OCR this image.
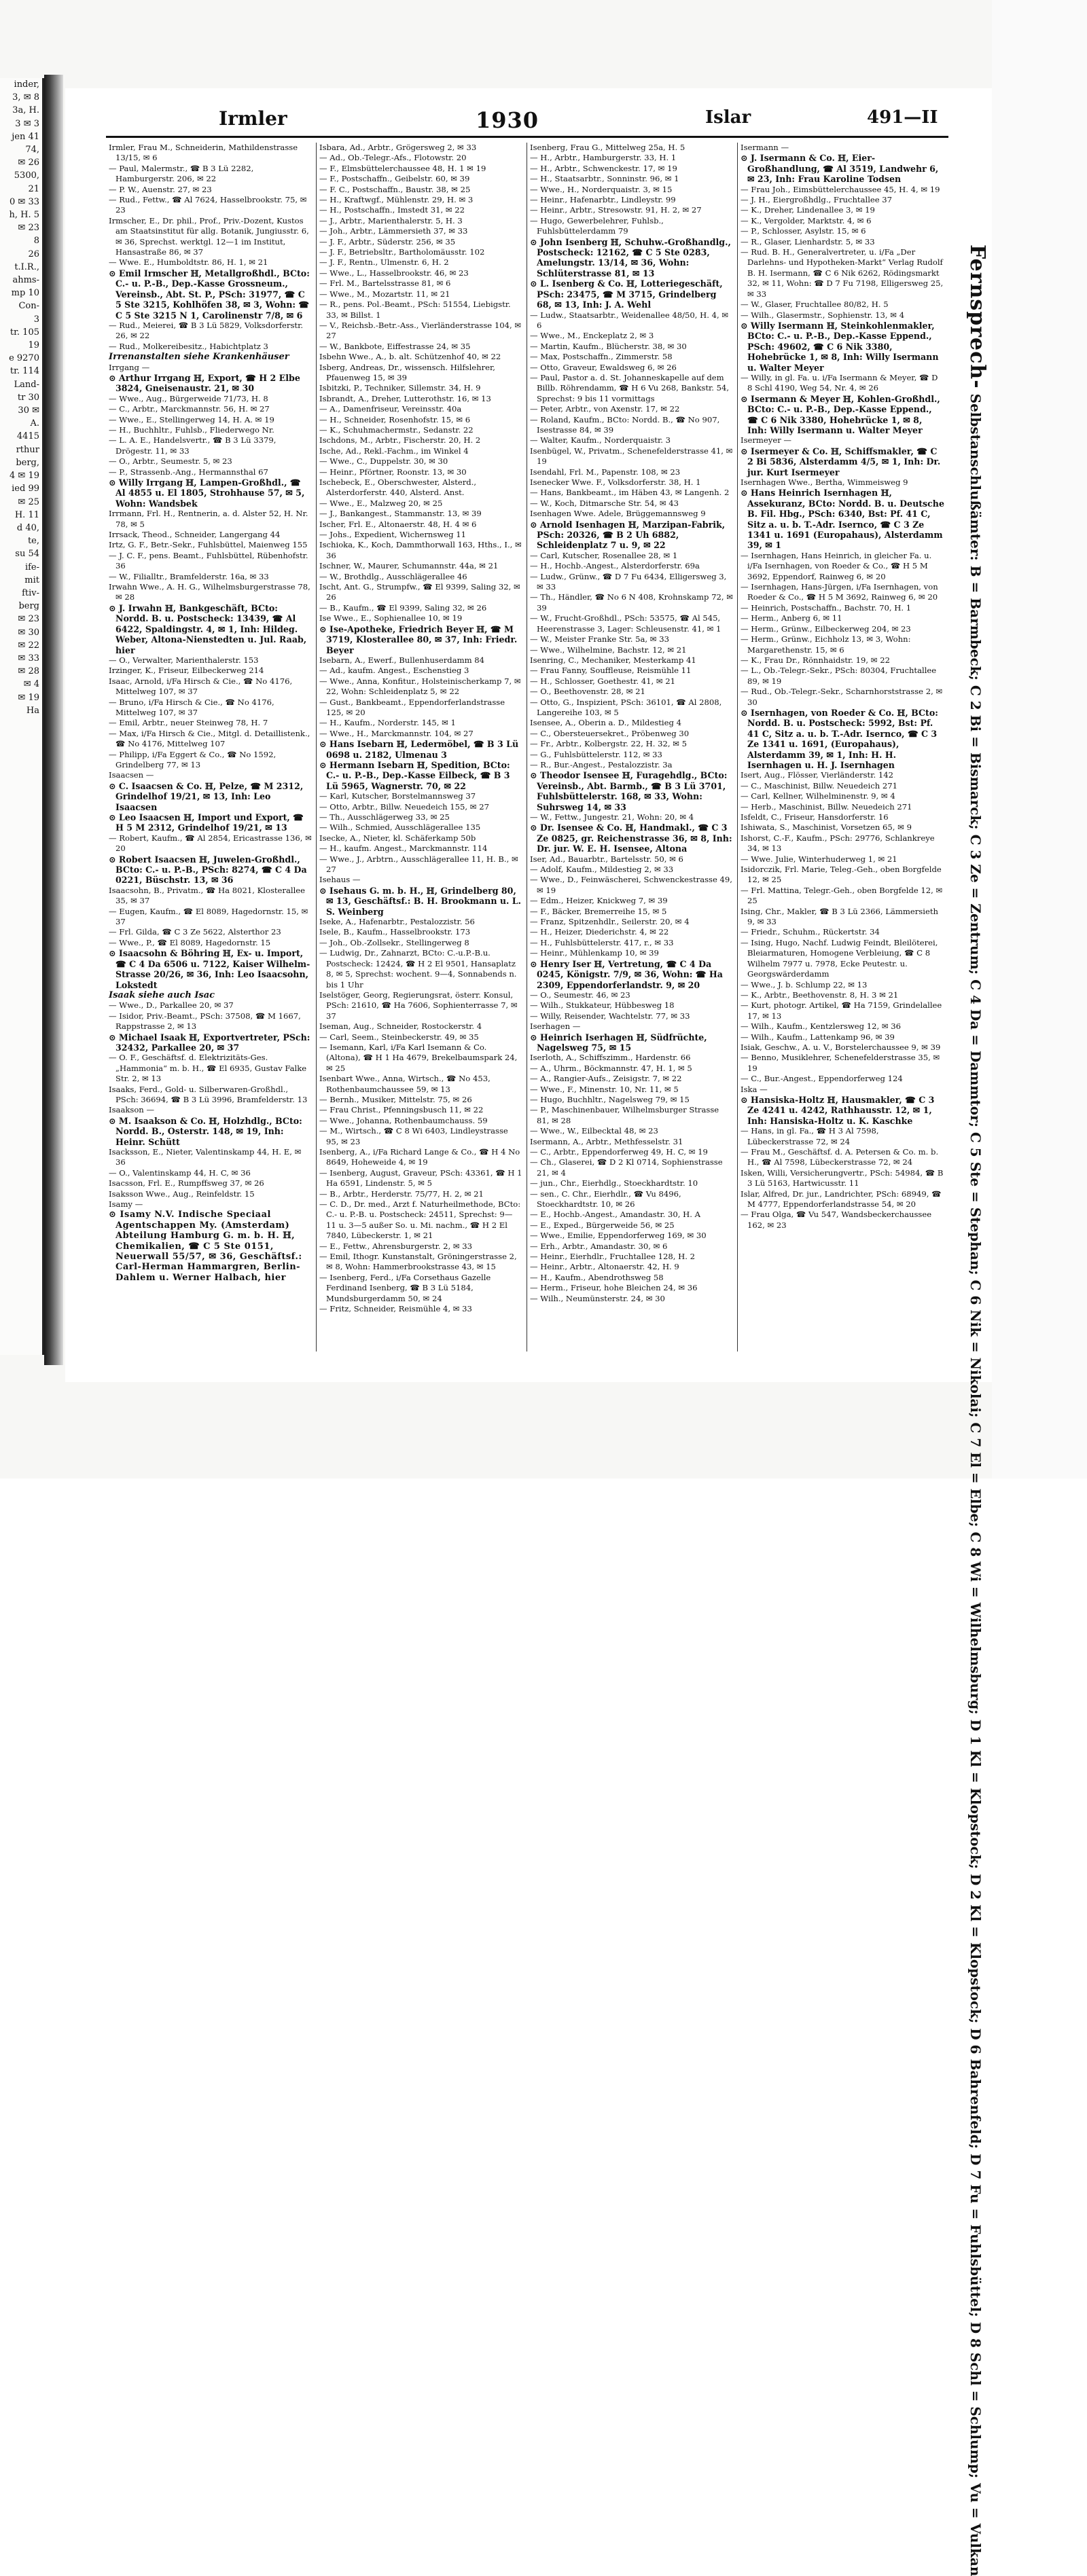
inder,
3, ✉ 8
3a, H.
3 ✉ 3
jen 41
74,
✉ 26
5300,
21
0 ✉ 33
h, H. 5
✉ 23
8
26
t.I.R.,
ahms-
mp 10
Con-
3
tr. 105
19
e 9270
tr. 114
Land-
tr 30
30 ✉
A.
4415
rthur
berg,
4 ✉ 19
ied 99
✉ 25
H. 11
d 40,
te,
su 54
ife-
mit
ftiv-
berg
✉ 23
✉ 30
✉ 22
✉ 33
✉ 28
✉ 4
✉ 19
Ha
Irmler	1930	Islar	491—II

Irmler, Frau M., Schneiderin, Mathildenstrasse 13/15, ✉ 6

— Paul, Malermstr., ☎ B 3 Lü 2282, Hamburgerstr. 206, ✉ 22

— P. W., Auenstr. 27, ✉ 23

— Rud., Fettw., ☎ Al 7624, Hasselbrookstr. 75, ✉ 23

Irmscher, E., Dr. phil., Prof., Priv.-Dozent, Kustos am Staatsinstitut für allg. Botanik, Jungiusstr. 6, ✉ 36, Sprechst. werktgl. 12—1 im Institut, Hansastraße 86, ✉ 37

— Wwe. E., Humboldtstr. 86, H. 1, ✉ 21

⊙ Emil Irmscher ℍ, Metallgroßhdl., BCto: C.- u. P.-B., Dep.-Kasse Grossneum., Vereinsb., Abt. St. P., PSch: 31977, ☎ C 5 Ste 3215, Kohlhöfen 38, ✉ 3, Wohn: ☎ C 5 Ste 3215 N 1, Carolinenstr 7/8, ✉ 6

— Rud., Meierei, ☎ B 3 Lü 5829, Volksdorferstr. 26, ✉ 22

— Rud., Molkereibesitz., Habichtplatz 3

Irrenanstalten siehe Krankenhäuser

Irrgang —

⊙ Arthur Irrgang ℍ, Export, ☎ H 2 Elbe 3824, Gneisenaustr. 21, ✉ 30

— Wwe., Aug., Bürgerweide 71/73, H. 8

— C., Arbtr., Marckmannstr. 56, H. ✉ 27

— Wwe., E., Stellingerweg 14, H. A. ✉ 19

— H., Buchhltr., Fuhlsb., Fliederwego Nr.

— L. A. E., Handelsvertr., ☎ B 3 Lü 3379, Drögestr. 11, ✉ 33

— O., Arbtr., Seumestr. 5, ✉ 23

— P., Strassenb.-Ang., Hermannsthal 67

⊙ Willy Irrgang ℍ, Lampen-Großhdl., ☎ Al 4855 u. El 1805, Strohhause 57, ✉ 5, Wohn: Wandsbek

Irrmann, Frl. H., Rentnerin, a. d. Alster 52, H. Nr. 78, ✉ 5

Irrsack, Theod., Schneider, Langergang 44

Irtz, G. F., Betr.-Sekr., Fuhlsbüttel, Maienweg 155

— J. C. F., pens. Beamt., Fuhlsbüttel, Rübenhofstr. 36

— W., Filialltr., Bramfelderstr. 16a, ✉ 33

Irwahn Wwe., A. H. G., Wilhelmsburgerstrasse 78, ✉ 28

⊙ J. Irwahn ℍ, Bankgeschäft, BCto: Nordd. B. u. Postscheck: 13439, ☎ Al 6422, Spaldingstr. 4, ✉ 1, Inh: Hildeg. Weber, Altona-Nienstedten u. Jul. Raab, hier

— O., Verwalter, Marienthalerstr. 153

Irzinger, K., Friseur, Eilbeckerweg 214

Isaac, Arnold, i/Fa Hirsch & Cie., ☎ No 4176, Mittelweg 107, ✉ 37

— Bruno, i/Fa Hirsch & Cie., ☎ No 4176, Mittelweg 107, ✉ 37

— Emil, Arbtr., neuer Steinweg 78, H. 7

— Max, i/Fa Hirsch & Cie., Mitgl. d. Detaillistenk., ☎ No 4176, Mittelweg 107

— Philipp, i/Fa Eggert & Co., ☎ No 1592, Grindelberg 77, ✉ 13

Isaacsen —

⊙ C. Isaacsen & Co. ℍ, Pelze, ☎ M 2312, Grindelhof 19/21, ✉ 13, Inh: Leo Isaacsen

⊙ Leo Isaacsen ℍ, Import und Export, ☎ H 5 M 2312, Grindelhof 19/21, ✉ 13

— Robert, Kaufm., ☎ Al 2854, Ericastrasse 136, ✉ 20

⊙ Robert Isaacsen ℍ, Juwelen-Großhdl., BCto: C.- u. P.-B., PSch: 8274, ☎ C 4 Da 0221, Büschstr. 13, ✉ 36

Isaacsohn, B., Privatm., ☎ Ha 8021, Klosterallee 35, ✉ 37

— Eugen, Kaufm., ☎ El 8089, Hagedornstr. 15, ✉ 37

— Frl. Gilda, ☎ C 3 Ze 5622, Alsterthor 23

— Wwe., P., ☎ El 8089, Hagedornstr. 15

⊙ Isaacsohn & Böhring ℍ, Ex- u. Import, ☎ C 4 Da 6506 u. 7122, Kaiser Wilhelm-Strasse 20/26, ✉ 36, Inh: Leo Isaacsohn, Lokstedt

Isaak siehe auch Isac

— Wwe., D., Parkallee 20, ✉ 37

— Isidor, Priv.-Beamt., PSch: 37508, ☎ M 1667, Rappstrasse 2, ✉ 13

⊙ Michael Isaak ℍ, Exportvertreter, PSch: 32432, Parkallee 20, ✉ 37

— O. F., Geschäftsf. d. Elektrizitäts-Ges. „Hammonia“ m. b. H., ☎ El 6935, Gustav Falke Str. 2, ✉ 13

Isaaks, Ferd., Gold- u. Silberwaren-Großhdl., PSch: 36694, ☎ B 3 Lü 3996, Bramfelderstr. 13

Isaakson —

⊙ M. Isaakson & Co. ℍ, Holzhdlg., BCto: Nordd. B., Osterstr. 148, ✉ 19, Inh: Heinr. Schütt

Isacksson, E., Nieter, Valentinskamp 44, H. E, ✉ 36

— O., Valentinskamp 44, H. C, ✉ 36

Isacsson, Frl. E., Rumpffsweg 37, ✉ 26

Isaksson Wwe., Aug., Reinfeldstr. 15

Isamy —

⊙ Isamy N.V. Indische Speciaal Agentschappen My. (Amsterdam) Abteilung Hamburg G. m. b. H. ℍ, Chemikalien, ☎ C 5 Ste 0151, Neuerwall 55/57, ✉ 36, Geschäftsf.: Carl-Herman Hammargren, Berlin-Dahlem u. Werner Halbach, hier

Isbara, Ad., Arbtr., Grögersweg 2, ✉ 33

— Ad., Ob.-Telegr.-Afs., Flotowstr. 20

— F., Elmsbüttelerchaussee 48, H. 1 ✉ 19

— F., Postschaffn., Geibelstr. 60, ✉ 39

— F. C., Postschaffn., Baustr. 38, ✉ 25

— H., Kraftwgf., Mühlenstr. 29, H. ✉ 3

— H., Postschaffn., Imstedt 31, ✉ 22

— J., Arbtr., Marienthalerstr. 5, H. 3

— Joh., Arbtr., Lämmersieth 37, ✉ 33

— J. F., Arbtr., Süderstr. 256, ✉ 35

— J. F., Betriebsltr., Bartholomäusstr. 102

— J. F., Rentn., Ulmenstr. 6, H. 2

— Wwe., L., Hasselbrookstr. 46, ✉ 23

— Frl. M., Bartelsstrasse 81, ✉ 6

— Wwe., M., Mozartstr. 11, ✉ 21

— R., pens. Pol.-Beamt., PSch: 51554, Liebigstr. 33, ✉ Billst. 1

— V., Reichsb.-Betr.-Ass., Vierländerstrasse 104, ✉ 27

— W., Bankbote, Eiffestrasse 24, ✉ 35

Isbehn Wwe., A., b. alt. Schützenhof 40, ✉ 22

Isberg, Andreas, Dr., wissensch. Hilfslehrer, Pfauenweg 15, ✉ 39

Isbitzki, P., Techniker, Sillemstr. 34, H. 9

Isbrandt, A., Dreher, Lutterothstr. 16, ✉ 13

— A., Damenfriseur, Vereinsstr. 40a

— H., Schneider, Rosenhofstr. 15, ✉ 6

— K., Schuhmachermstr., Sedanstr. 22

Ischdons, M., Arbtr., Fischerstr. 20, H. 2

Ische, Ad., Rekl.-Fachm., im Winkel 4

— Wwe., C., Duppelstr. 30, ✉ 30

— Heinr., Pförtner, Roonstr. 13, ✉ 30

Ischebeck, E., Oberschwester, Alsterd., Alsterdorferstr. 440, Alsterd. Anst.

— Wwe., E., Malzweg 20, ✉ 25

— J., Bankangest., Stammanstr. 13, ✉ 39

Ischer, Frl. E., Altonaerstr. 48, H. 4 ✉ 6

— Johs., Expedient, Wichernsweg 11

Ischioka, K., Koch, Dammthorwall 163, Hths., I., ✉ 36

Ischner, W., Maurer, Schumannstr. 44a, ✉ 21

— W., Brothdlg., Ausschlägerallee 46

Ischt, Ant. G., Strumpfw., ☎ El 9399, Saling 32, ✉ 26

— B., Kaufm., ☎ El 9399, Saling 32, ✉ 26

Ise Wwe., E., Sophienallee 10, ✉ 19

⊙ Ise-Apotheke, Friedrich Beyer ℍ, ☎ M 3719, Klosterallee 80, ✉ 37, Inh: Friedr. Beyer

Isebarn, A., Ewerf., Bullenhuserdamm 84

— Ad., kaufm. Angest., Eschenstieg 3

— Wwe., Anna, Konfitur., Holsteinischerkamp 7, ✉ 22, Wohn: Schleidenplatz 5, ✉ 22

— Gust., Bankbeamt., Eppendorferlandstrasse 125, ✉ 20

— H., Kaufm., Norderstr. 145, ✉ 1

— Wwe., H., Marckmannstr. 104, ✉ 27

⊙ Hans Isebarn ℍ, Ledermöbel, ☎ B 3 Lü 0698 u. 2182, Ulmenau 3

⊙ Hermann Isebarn ℍ, Spedition, BCto: C.- u. P.-B., Dep.-Kasse Eilbeck, ☎ B 3 Lü 5965, Wagnerstr. 70, ✉ 22

— Karl, Kutscher, Borstelmannsweg 37

— Otto, Arbtr., Billw. Neuedeich 155, ✉ 27

— Th., Ausschlägerweg 33, ✉ 25

— Wilh., Schmied, Ausschlägerallee 135

Isecke, A., Nieter, kl. Schäferkamp 50b

— H., kaufm. Angest., Marckmannstr. 114

— Wwe., J., Arbtrn., Ausschlägerallee 11, H. B., ✉ 27

Isehaus —

⊙ Isehaus G. m. b. H., ℍ, Grindelberg 80, ✉ 13, Geschäftsf.: B. H. Brookmann u. L. S. Weinberg

Iseke, A., Hafenarbtr., Pestalozzistr. 56

Isele, B., Kaufm., Hasselbrookstr. 173

— Joh., Ob.-Zollsekr., Stellingerweg 8

— Ludwig, Dr., Zahnarzt, BCto: C.-u.P.-B.u. Postscheck: 12424, ☎ H 2 El 9501, Hansaplatz 8, ✉ 5, Sprechst: wochent. 9—4, Sonnabends n. bis 1 Uhr

Iselstöger, Georg, Regierungsrat, österr. Konsul, PSch: 21610, ☎ Ha 7606, Sophienterrasse 7, ✉ 37

Iseman, Aug., Schneider, Rostockerstr. 4

— Carl, Seem., Steinbeckerstr. 49, ✉ 35

— Isemann, Karl, i/Fa Karl Isemann & Co. (Altona), ☎ H 1 Ha 4679, Brekelbaumspark 24, ✉ 25

Isenbart Wwe., Anna, Wirtsch., ☎ No 453, Rothenbaumchaussee 59, ✉ 13

— Bernh., Musiker, Mittelstr. 75, ✉ 26

— Frau Christ., Pfenningsbusch 11, ✉ 22

— Wwe., Johanna, Rothenbaumchauss. 59

— M., Wirtsch., ☎ C 8 Wi 6403, Lindleystrasse 95, ✉ 23

Isenberg, A., i/Fa Richard Lange & Co., ☎ H 4 No 8649, Hoheweide 4, ✉ 19

— Isenberg, August, Graveur, PSch: 43361, ☎ H 1 Ha 6591, Lindenstr. 5, ✉ 5

— B., Arbtr., Herderstr. 75/77, H. 2, ✉ 21

— C. D., Dr. med., Arzt f. Naturheilmethode, BCto: C.- u. P.-B. u. Postscheck: 24511, Sprechst: 9—11 u. 3—5 außer So. u. Mi. nachm., ☎ H 2 El 7840, Lübeckerstr. 1, ✉ 21

— E., Fettw., Ahrensburgerstr. 2, ✉ 33

— Emil, Ithogr. Kunstanstalt, Gröningerstrasse 2, ✉ 8, Wohn: Hammerbrookstrasse 43, ✉ 15

— Isenberg, Ferd., i/Fa Corsethaus Gazelle Ferdinand Isenberg, ☎ B 3 Lü 5184, Mundsburgerdamm 50, ✉ 24

— Fritz, Schneider, Reismühle 4, ✉ 33

Isenberg, Frau G., Mittelweg 25a, H. 5

— H., Arbtr., Hamburgerstr. 33, H. 1

— H., Arbtr., Schwenckestr. 17, ✉ 19

— H., Staatsarbtr., Sonninstr. 96, ✉ 1

— Wwe., H., Norderquaistr. 3, ✉ 15

— Heinr., Hafenarbtr., Lindleystr. 99

— Heinr., Arbtr., Stresowstr. 91, H. 2, ✉ 27

— Hugo, Gewerbelehrer, Fuhlsb., Fuhlsbüttelerdamm 79

⊙ John Isenberg ℍ, Schuhw.-Großhandlg., Postscheck: 12162, ☎ C 5 Ste 0283, Amelungstr. 13/14, ✉ 36, Wohn: Schlüterstrasse 81, ✉ 13

⊙ L. Isenberg & Co. ℍ, Lotteriegeschäft, PSch: 23475, ☎ M 3715, Grindelberg 68, ✉ 13, Inh: J. A. Wehl

— Ludw., Staatsarbtr., Weidenallee 48/50, H. 4, ✉ 6

— Wwe., M., Enckeplatz 2, ✉ 3

— Martin, Kaufm., Blücherstr. 38, ✉ 30

— Max, Postschaffn., Zimmerstr. 58

— Otto, Graveur, Ewaldsweg 6, ✉ 26

— Paul, Pastor a. d. St. Johanneskapelle auf dem Billb. Röhrendamm, ☎ H 6 Vu 268, Bankstr. 54, Sprechst: 9 bis 11 vormittags

— Peter, Arbtr., von Axenstr. 17, ✉ 22

— Roland, Kaufm., BCto: Nordd. B., ☎ No 907, Isestrasse 84, ✉ 39

— Walter, Kaufm., Norderquaistr. 3

Isenbügel, W., Privatm., Schenefelderstrasse 41, ✉ 19

Isendahl, Frl. M., Papenstr. 108, ✉ 23

Isenecker Wwe. F., Volksdorferstr. 38, H. 1

— Hans, Bankbeamt., im Häben 43, ✉ Langenh. 2

— W., Koch, Ditmarsche Str. 54, ✉ 43

Isenhagen Wwe. Adele, Brüggemannsweg 9

⊙ Arnold Isenhagen ℍ, Marzipan-Fabrik, PSch: 20326, ☎ B 2 Uh 6882, Schleidenplatz 7 u. 9, ✉ 22

— Carl, Kutscher, Rosenallee 28, ✉ 1

— H., Hochb.-Angest., Alsterdorferstr. 69a

— Ludw., Grünw., ☎ D 7 Fu 6434, Elligersweg 3, ✉ 33

— Th., Händler, ☎ No 6 N 408, Krohnskamp 72, ✉ 39

— W., Frucht-Großhdl., PSch: 53575, ☎ Al 545, Heerenstrasse 3, Lager: Schleusenstr. 41, ✉ 1

— W., Meister Franke Str. 5a, ✉ 33

— Wwe., Wilhelmine, Bachstr. 12, ✉ 21

Isenring, C., Mechaniker, Mesterkamp 41

— Frau Fanny, Souffleuse, Reismühle 11

— H., Schlosser, Goethestr. 41, ✉ 21

— O., Beethovenstr. 28, ✉ 21

— Otto, G., Inspizient, PSch: 36101, ☎ Al 2808, Langereihe 103, ✉ 5

Isensee, A., Oberin a. D., Mildestieg 4

— C., Obersteuersekret., Pröbenweg 30

— Fr., Arbtr., Kolbergstr. 22, H. 32, ✉ 5

— G., Fuhlsbüttelerstr. 112, ✉ 33

— R., Bur.-Angest., Pestalozzistr. 3a

⊙ Theodor Isensee ℍ, Furagehdlg., BCto: Vereinsb., Abt. Barmb., ☎ B 3 Lü 3701, Fuhlsbüttelerstr. 168, ✉ 33, Wohn: Suhrsweg 14, ✉ 33

— W., Fettw., Jungestr. 21, Wohn: 20, ✉ 4

⊙ Dr. Isensee & Co. ℍ, Handmakl., ☎ C 3 Ze 0825, gr. Reichenstrasse 36, ✉ 8, Inh: Dr. jur. W. E. H. Isensee, Altona

Iser, Ad., Bauarbtr., Bartelsstr. 50, ✉ 6

— Adolf, Kaufm., Mildestieg 2, ✉ 33

— Wwe., D., Feinwäscherei, Schwenckestrasse 49, ✉ 19

— Edm., Heizer, Knickweg 7, ✉ 39

— F., Bäcker, Bremerreihe 15, ✉ 5

— Franz, Spitzenhdlr., Seilerstr. 20, ✉ 4

— H., Heizer, Diederichstr. 4, ✉ 22

— H., Fuhlsbüttelerstr. 417, r., ✉ 33

— Heinr., Mühlenkamp 10, ✉ 39

⊙ Henry Iser ℍ, Vertretung, ☎ C 4 Da 0245, Königstr. 7/9, ✉ 36, Wohn: ☎ Ha 2309, Eppendorferlandstr. 9, ✉ 20

— O., Seumestr. 46, ✉ 23

— Wilh., Stukkateur, Hübbesweg 18

— Willy, Reisender, Wachtelstr. 77, ✉ 33

Iserhagen —

⊙ Heinrich Iserhagen ℍ, Südfrüchte, Nagelsweg 75, ✉ 15

Iserloth, A., Schiffszimm., Hardenstr. 66

— A., Uhrm., Böckmannstr. 47, H. 1, ✉ 5

— A., Rangier-Aufs., Zeisigstr. 7, ✉ 22

— Wwe., F., Minenstr. 10, Nr. 11, ✉ 5

— Hugo, Buchhltr., Nagelsweg 79, ✉ 15

— P., Maschinenbauer, Wilhelmsburger Strasse 81, ✉ 28

— Wwe., W., Eilbecktal 48, ✉ 23

Isermann, A., Arbtr., Methfesselstr. 31

— C., Arbtr., Eppendorferweg 49, H. C, ✉ 19

— Ch., Glaserei, ☎ D 2 Kl 0714, Sophienstrasse 21, ✉ 4

— jun., Chr., Eierhdlg., Stoeckhardtstr. 10

— sen., C. Chr., Eierhdlr., ☎ Vu 8496, Stoeckhardtstr. 10, ✉ 26

— E., Hochb.-Angest., Amandastr. 30, H. A

— E., Exped., Bürgerweide 56, ✉ 25

— Wwe., Emilie, Eppendorferweg 169, ✉ 30

— Erh., Arbtr., Amandastr. 30, ✉ 6

— Heinr., Eierhdlr., Fruchtallee 128, H. 2

— Heinr., Arbtr., Altonaerstr. 42, H. 9

— H., Kaufm., Abendrothsweg 58

— Herm., Friseur, hohe Bleichen 24, ✉ 36

— Wilh., Neumünsterstr. 24, ✉ 30

Isermann —

⊙ J. Isermann & Co. ℍ, Eier-Großhandlung, ☎ Al 3519, Landwehr 6, ✉ 23, Inh: Frau Karoline Todsen

— Frau Joh., Eimsbüttelerchaussee 45, H. 4, ✉ 19

— J. H., Eiergroßhdlg., Fruchtallee 37

— K., Dreher, Lindenallee 3, ✉ 19

— K., Vergolder, Marktstr. 4, ✉ 6

— P., Schlosser, Asylstr. 15, ✉ 6

— R., Glaser, Lienhardstr. 5, ✉ 33

— Rud. B. H., Generalvertreter, u. i/Fa „Der Darlehns- und Hypotheken-Markt“ Verlag Rudolf B. H. Isermann, ☎ C 6 Nik 6262, Rödingsmarkt 32, ✉ 11, Wohn: ☎ D 7 Fu 7198, Elligersweg 25, ✉ 33

— W., Glaser, Fruchtallee 80/82, H. 5

— Wilh., Glasermstr., Sophienstr. 13, ✉ 4

⊙ Willy Isermann ℍ, Steinkohlenmakler, BCto: C.- u. P.-B., Dep.-Kasse Eppend., PSch: 49602, ☎ C 6 Nik 3380, Hohebrücke 1, ✉ 8, Inh: Willy Isermann u. Walter Meyer

— Willy, in gl. Fa. u. i/Fa Isermann & Meyer, ☎ D 8 Schl 4190, Weg 54, Nr. 4, ✉ 26

⊙ Isermann & Meyer ℍ, Kohlen-Großhdl., BCto: C.- u. P.-B., Dep.-Kasse Eppend., ☎ C 6 Nik 3380, Hohebrücke 1, ✉ 8, Inh: Willy Isermann u. Walter Meyer

Isermeyer —

⊙ Isermeyer & Co. ℍ, Schiffsmakler, ☎ C 2 Bi 5836, Alsterdamm 4/5, ✉ 1, Inh: Dr. jur. Kurt Isermeyer

Isernhagen Wwe., Bertha, Wimmeisweg 9

⊙ Hans Heinrich Isernhagen ℍ, Assekuranz, BCto: Nordd. B. u. Deutsche B. Fil. Hbg., PSch: 6340, Bst: Pf. 41 C, Sitz a. u. b. T.-Adr. Isernco, ☎ C 3 Ze 1341 u. 1691 (Europahaus), Alsterdamm 39, ✉ 1

— Isernhagen, Hans Heinrich, in gleicher Fa. u. i/Fa Isernhagen, von Roeder & Co., ☎ H 5 M 3692, Eppendorf, Rainweg 6, ✉ 20

— Isernhagen, Hans-Jürgen, i/Fa Isernhagen, von Roeder & Co., ☎ H 5 M 3692, Rainweg 6, ✉ 20

— Heinrich, Postschaffn., Bachstr. 70, H. 1

— Herm., Anberg 6, ✉ 11

— Herm., Grünw., Eilbeckerweg 204, ✉ 23

— Herm., Grünw., Eichholz 13, ✉ 3, Wohn: Margarethenstr. 15, ✉ 6

— K., Frau Dr., Rönnhaidstr. 19, ✉ 22

— L., Ob.-Telegr.-Sekr., PSch: 80304, Fruchtallee 89, ✉ 19

— Rud., Ob.-Telegr.-Sekr., Scharnhorststrasse 2, ✉ 30

⊙ Isernhagen, von Roeder & Co. ℍ, BCto: Nordd. B. u. Postscheck: 5992, Bst: Pf. 41 C, Sitz a. u. b. T.-Adr. Isernco, ☎ C 3 Ze 1341 u. 1691, (Europahaus), Alsterdamm 39, ✉ 1, Inh: H. H. Isernhagen u. H. J. Isernhagen

Isert, Aug., Flösser, Vierländerstr. 142

— C., Maschinist, Billw. Neuedeich 271

— Carl, Kellner, Wilhelminenstr. 9, ✉ 4

— Herb., Maschinist, Billw. Neuedeich 271

Isfeldt, C., Friseur, Hansdorferstr. 16

Ishiwata, S., Maschinist, Vorsetzen 65, ✉ 9

Ishorst, C.-F., Kaufm., PSch: 29776, Schlankreye 34, ✉ 13

— Wwe. Julie, Winterhuderweg 1, ✉ 21

Isidorczik, Frl. Marie, Teleg.-Geh., oben Borgfelde 12, ✉ 25

— Frl. Mattina, Telegr.-Geh., oben Borgfelde 12, ✉ 25

Ising, Chr., Makler, ☎ B 3 Lü 2366, Lämmersieth 9, ✉ 33

— Friedr., Schuhm., Rückertstr. 34

— Ising, Hugo, Nachf. Ludwig Feindt, Bleilöterei, Bleiarmaturen, Homogene Verbleiung, ☎ C 8 Wilhelm 7977 u. 7978, Ecke Peutestr. u. Georgswärderdamm

— Wwe., J. b. Schlump 22, ✉ 13

— K., Arbtr., Beethovenstr. 8, H. 3 ✉ 21

— Kurt, photogr. Artikel, ☎ Ha 7159, Grindelallee 17, ✉ 13

— Wilh., Kaufm., Kentzlersweg 12, ✉ 36

— Wilh., Kaufm., Lattenkamp 96, ✉ 39

Isiak, Geschw., A. u. V., Borstelerchaussee 9, ✉ 39

— Benno, Musiklehrer, Schenefelderstrasse 35, ✉ 19

— C., Bur.-Angest., Eppendorferweg 124

Iska —

⊙ Hansiska-Holtz ℍ, Hausmakler, ☎ C 3 Ze 4241 u. 4242, Rathhausstr. 12, ✉ 1, Inh: Hansiska-Holtz u. K. Kaschke

— Hans, in gl. Fa., ☎ H 3 Al 7598, Lübeckerstrasse 72, ✉ 24

— Frau M., Geschäftsf. d. A. Petersen & Co. m. b. H., ☎ Al 7598, Lübeckerstrasse 72, ✉ 24

Isken, Willi, Versicherungvertr., PSch: 54984, ☎ B 3 Lü 5163, Hartwicusstr. 11

Islar, Alfred, Dr. jur., Landrichter, PSch: 68949, ☎ M 4777, Eppendorferlandstrasse 54, ✉ 20

— Frau Olga, ☎ Vu 547, Wandsbeckerchaussee 162, ✉ 23

Fernsprech- Selbstanschlußämter: B = Barmbeck; C 2 Bi = Bismarck; C 3 Ze = Zentrum; C 4 Da = Dammtor; C 5 Ste = Stephan; C 6 Nik = Nikolai; C 7 El = Elbe; C 8 Wi = Wilhelmsburg; D 1 Kl = Klopstock; D 2 Kl = Klopstock; D 6 Bahrenfeld; D 7 Fu = Fuhlsbüttel; D 8 Schl = Schlump; Vu = Vulkan
